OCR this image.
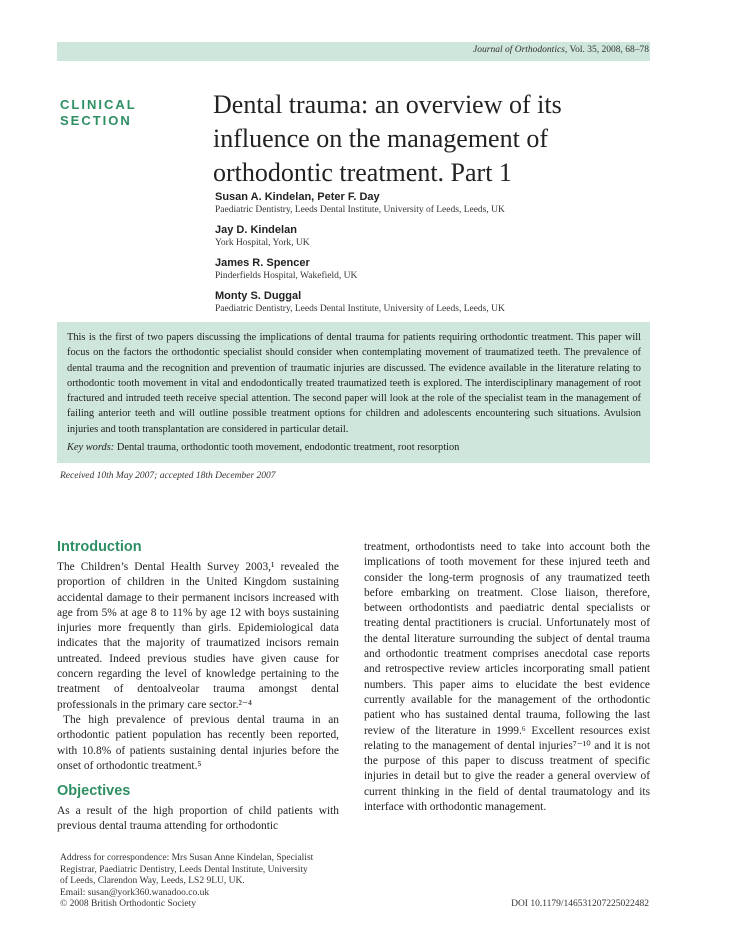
Journal of Orthodontics, Vol. 35, 2008, 68–78
CLINICAL SECTION
Dental trauma: an overview of its influence on the management of orthodontic treatment. Part 1
Susan A. Kindelan, Peter F. Day
Paediatric Dentistry, Leeds Dental Institute, University of Leeds, Leeds, UK
Jay D. Kindelan
York Hospital, York, UK
James R. Spencer
Pinderfields Hospital, Wakefield, UK
Monty S. Duggal
Paediatric Dentistry, Leeds Dental Institute, University of Leeds, Leeds, UK

This is the first of two papers discussing the implications of dental trauma for patients requiring orthodontic treatment. This paper will focus on the factors the orthodontic specialist should consider when contemplating movement of traumatized teeth. The prevalence of dental trauma and the recognition and prevention of traumatic injuries are discussed. The evidence available in the literature relating to orthodontic tooth movement in vital and endodontically treated traumatized teeth is explored. The interdisciplinary management of root fractured and intruded teeth receive special attention. The second paper will look at the role of the specialist team in the management of failing anterior teeth and will outline possible treatment options for children and adolescents encountering such situations. Avulsion injuries and tooth transplantation are considered in particular detail.

Key words: Dental trauma, orthodontic tooth movement, endodontic treatment, root resorption
Received 10th May 2007; accepted 18th December 2007
Introduction

The Children’s Dental Health Survey 2003,¹ revealed the proportion of children in the United Kingdom sustaining accidental damage to their permanent incisors increased with age from 5% at age 8 to 11% by age 12 with boys sustaining injuries more frequently than girls. Epidemiological data indicates that the majority of traumatized incisors remain untreated. Indeed previous studies have given cause for concern regarding the level of knowledge pertaining to the treatment of dentoalveolar trauma amongst dental professionals in the primary care sector.²⁻⁴

The high prevalence of previous dental trauma in an orthodontic patient population has recently been reported, with 10.8% of patients sustaining dental injuries before the onset of orthodontic treatment.⁵

Objectives

As a result of the high proportion of child patients with previous dental trauma attending for orthodontic

treatment, orthodontists need to take into account both the implications of tooth movement for these injured teeth and consider the long-term prognosis of any traumatized teeth before embarking on treatment. Close liaison, therefore, between orthodontists and paediatric dental specialists or treating dental practitioners is crucial. Unfortunately most of the dental literature surrounding the subject of dental trauma and orthodontic treatment comprises anecdotal case reports and retrospective review articles incorporating small patient numbers. This paper aims to elucidate the best evidence currently available for the management of the orthodontic patient who has sustained dental trauma, following the last review of the literature in 1999.⁶ Excellent resources exist relating to the management of dental injuries⁷⁻¹⁰ and it is not the purpose of this paper to discuss treatment of specific injuries in detail but to give the reader a general overview of current thinking in the field of dental traumatology and its interface with orthodontic management.

Address for correspondence: Mrs Susan Anne Kindelan, Specialist
Registrar, Paediatric Dentistry, Leeds Dental Institute, University
of Leeds, Clarendon Way, Leeds, LS2 9LU, UK.
Email: susan@york360.wanadoo.co.uk
© 2008 British Orthodontic Society	DOI 10.1179/146531207225022482
